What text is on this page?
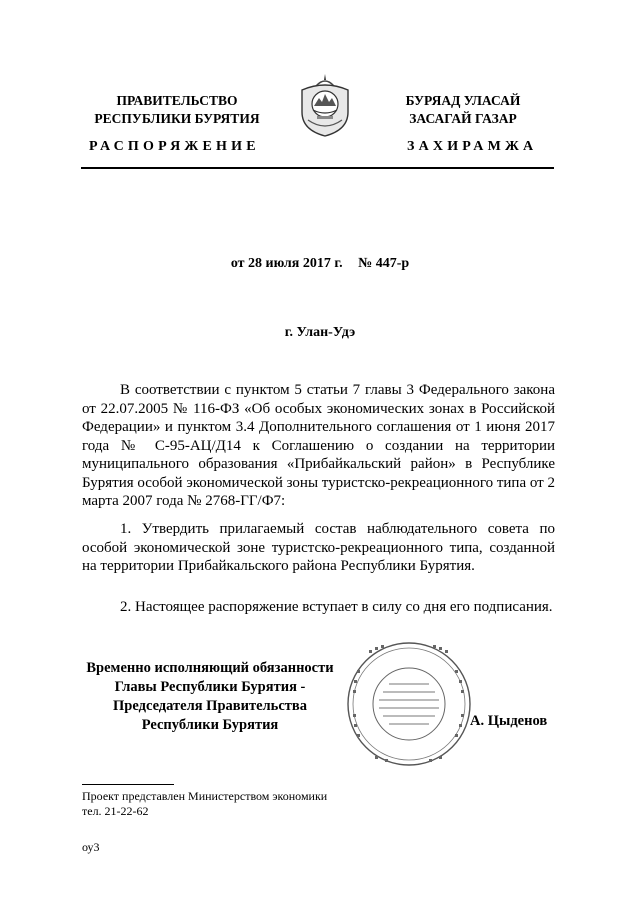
ПРАВИТЕЛЬСТВО
РЕСПУБЛИКИ БУРЯТИЯ
БУРЯАД УЛАСАЙ
ЗАСАГАЙ ГАЗАР
РАСПОРЯЖЕНИЕ	ЗАХИРАМЖА
от 28 июля 2017 г. № 447-р
г. Улан-Удэ
В соответствии с пунктом 5 статьи 7 главы 3 Федерального закона от 22.07.2005 № 116-ФЗ «Об особых экономических зонах в Российской Федерации» и пунктом 3.4 Дополнительного соглашения от 1 июня 2017 года № С-95-АЦ/Д14 к Соглашению о создании на территории муниципального образования «Прибайкальский район» в Республике Бурятия особой экономической зоны туристско-рекреационного типа от 2 марта 2007 года № 2768-ГГ/Ф7:
1. Утвердить прилагаемый состав наблюдательного совета по особой экономической зоне туристско-рекреационного типа, созданной на территории Прибайкальского района Республики Бурятия.
2. Настоящее распоряжение вступает в силу со дня его подписания.
Временно исполняющий обязанности
Главы Республики Бурятия -
Председателя Правительства
Республики Бурятия	А. Цыденов
Проект представлен Министерством экономики
тел. 21-22-62
оу3
